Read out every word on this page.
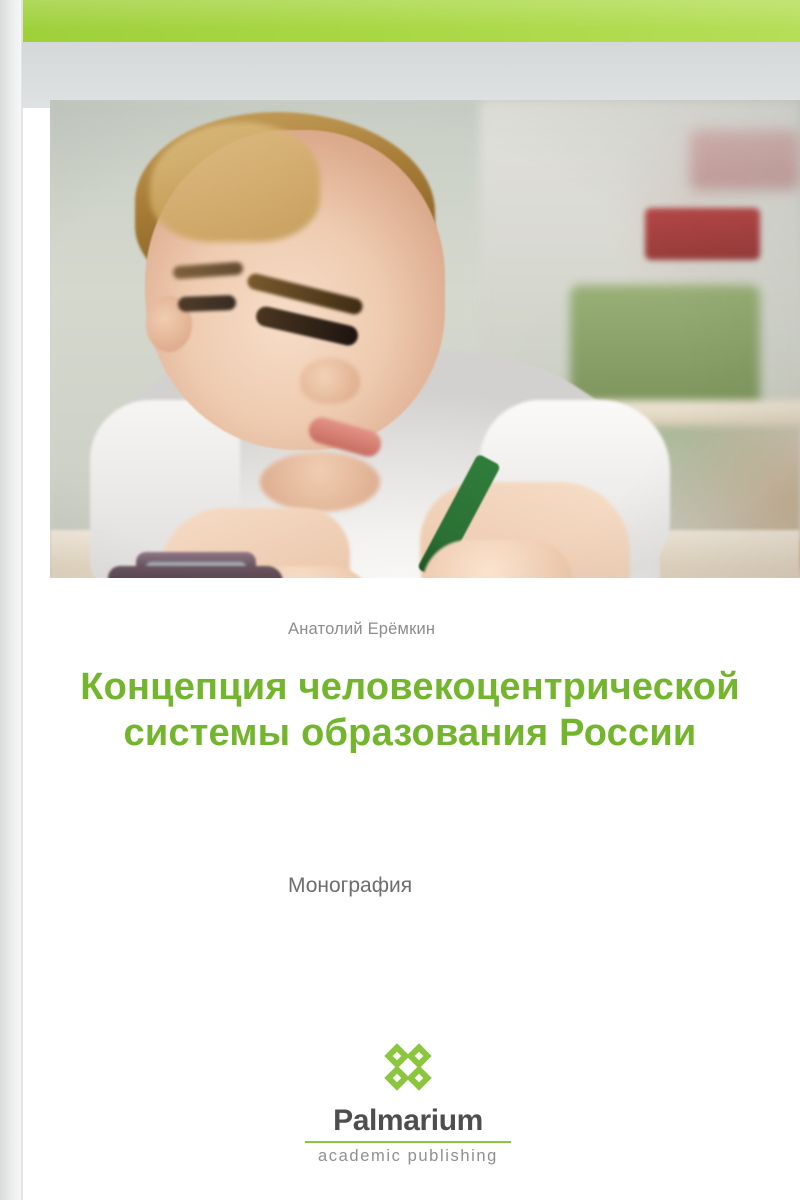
Анатолий Ерёмкин
Концепция человекоцентрической системы образования России
Монография
Palmarium
academic publishing
